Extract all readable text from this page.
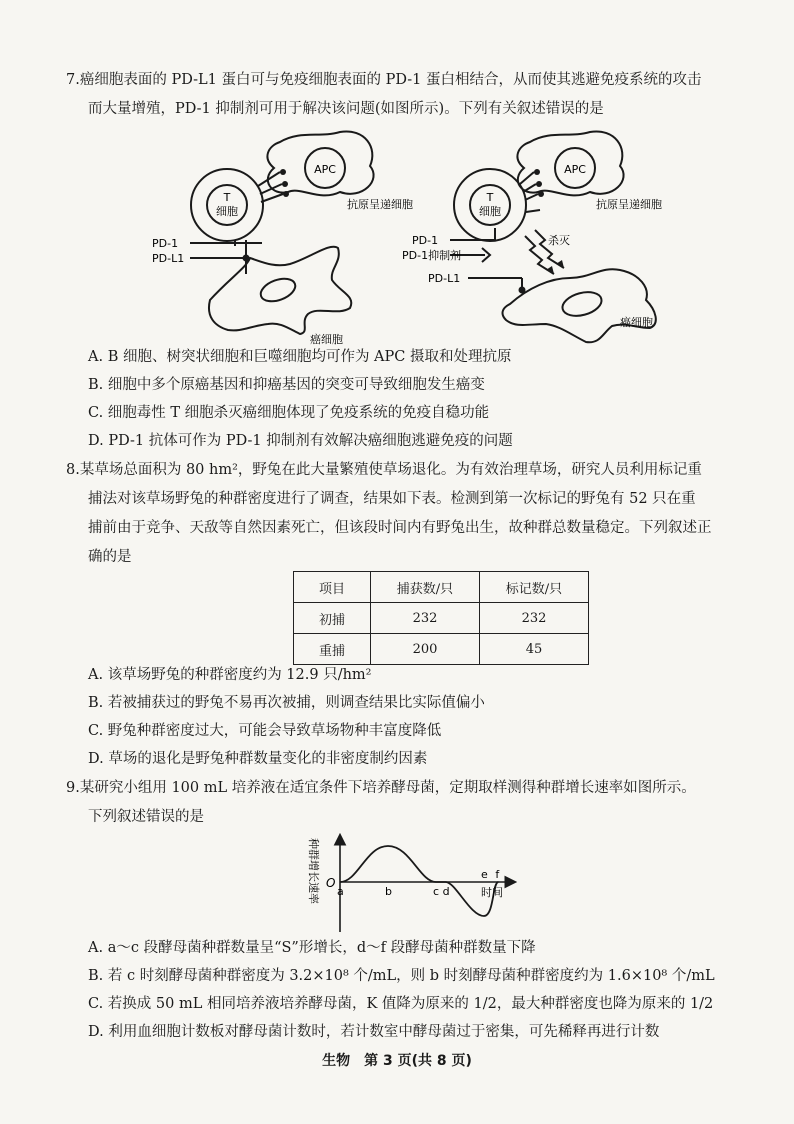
7.癌细胞表面的 PD-L1 蛋白可与免疫细胞表面的 PD-1 蛋白相结合，从而使其逃避免疫系统的攻击
而大量增殖，PD-1 抑制剂可用于解决该问题(如图所示)。下列有关叙述错误的是
APC
T
细胞
抗原呈递细胞
PD-1
PD-L1
癌细胞
APC
T
细胞
抗原呈递细胞
杀灭
PD-1
PD-1抑制剂
PD-L1
癌细胞
A. B 细胞、树突状细胞和巨噬细胞均可作为 APC 摄取和处理抗原
B. 细胞中多个原癌基因和抑癌基因的突变可导致细胞发生癌变
C. 细胞毒性 T 细胞杀灭癌细胞体现了免疫系统的免疫自稳功能
D. PD-1 抗体可作为 PD-1 抑制剂有效解决癌细胞逃避免疫的问题
8.某草场总面积为 80 hm²，野兔在此大量繁殖使草场退化。为有效治理草场，研究人员利用标记重
捕法对该草场野兔的种群密度进行了调查，结果如下表。检测到第一次标记的野兔有 52 只在重
捕前由于竞争、天敌等自然因素死亡，但该段时间内有野兔出生，故种群总数量稳定。下列叙述正
确的是
项目	捕获数/只	标记数/只
初捕	232	232
重捕	200	45
A. 该草场野兔的种群密度约为 12.9 只/hm²
B. 若被捕获过的野兔不易再次被捕，则调查结果比实际值偏小
C. 野兔种群密度过大，可能会导致草场物种丰富度降低
D. 草场的退化是野兔种群数量变化的非密度制约因素
9.某研究小组用 100 mL 培养液在适宜条件下培养酵母菌，定期取样测得种群增长速率如图所示。
下列叙述错误的是
O
时间
种群增长速率 a	b	c d
e f
A. a～c 段酵母菌种群数量呈“S”形增长，d～f 段酵母菌种群数量下降
B. 若 c 时刻酵母菌种群密度为 3.2×10⁸ 个/mL，则 b 时刻酵母菌种群密度约为 1.6×10⁸ 个/mL
C. 若换成 50 mL 相同培养液培养酵母菌，K 值降为原来的 1/2，最大种群密度也降为原来的 1/2
D. 利用血细胞计数板对酵母菌计数时，若计数室中酵母菌过于密集，可先稀释再进行计数
生物　第 3 页(共 8 页)
